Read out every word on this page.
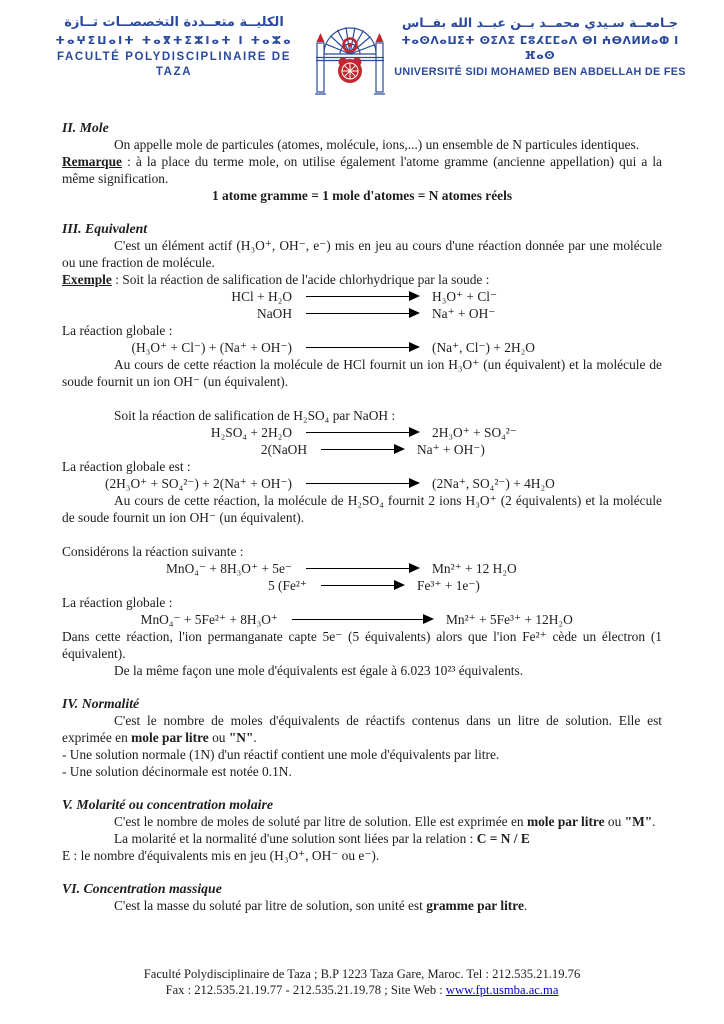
الكليــة متعــددة التخصصــات تــازة
ⵜⴰⵖⵉⵡⴰⵏⵜ ⵜⴰⴳⵜⵉⵣⵏⴰⵜ ⵏ ⵜⴰⵣⴰ
FACULTÉ POLYDISCIPLINAIRE DE TAZA
جـامعــة سـيدي محمــد بــن عبــد الله بفــاس
ⵜⴰⵙⴷⴰⵡⵉⵜ ⵙⵉⴷⵉ ⵎⵓⵃⵎⵎⴰⴷ ⴱⵏ ⵄⴱⴷⵍⵍⴰⵀ ⵏ ⴼⴰⵙ
UNIVERSITÉ SIDI MOHAMED BEN ABDELLAH DE FES
II. Mole

On appelle mole de particules (atomes, molécule, ions,...) un ensemble de N particules identiques.

Remarque : à la place du terme mole, on utilise également l'atome gramme (ancienne appellation) qui a la même signification.

1 atome gramme = 1 mole d'atomes = N atomes réels

III. Equivalent

C'est un élément actif (H₃O⁺, OH⁻, e⁻) mis en jeu au cours d'une réaction donnée par une molécule ou une fraction de molécule.

Exemple : Soit la réaction de salification de l'acide chlorhydrique par la soude :

HCl + H₂O	H₃O⁺ + Cl⁻
NaOH	Na⁺ + OH⁻

La réaction globale :

(H₃O⁺ + Cl⁻) + (Na⁺ + OH⁻)	(Na⁺, Cl⁻) + 2H₂O

Au cours de cette réaction la molécule de HCl fournit un ion H₃O⁺ (un équivalent) et la molécule de soude fournit un ion OH⁻ (un équivalent).

Soit la réaction de salification de H₂SO₄ par NaOH :

H₂SO₄ + 2H₂O	2H₃O⁺ + SO₄²⁻
2(NaOH	Na⁺ + OH⁻)

La réaction globale est :

(2H₃O⁺ + SO₄²⁻) + 2(Na⁺ + OH⁻)	(2Na⁺, SO₄²⁻) + 4H₂O

Au cours de cette réaction, la molécule de H₂SO₄ fournit 2 ions H₃O⁺ (2 équivalents) et la molécule de soude fournit un ion OH⁻ (un équivalent).

Considérons la réaction suivante :

MnO₄⁻ + 8H₃O⁺ + 5e⁻	Mn²⁺ + 12 H₂O
5 (Fe²⁺	Fe³⁺ + 1e⁻)

La réaction globale :

MnO₄⁻ + 5Fe²⁺ + 8H₃O⁺	Mn²⁺ + 5Fe³⁺ + 12H₂O

Dans cette réaction, l'ion permanganate capte 5e⁻ (5 équivalents) alors que l'ion Fe²⁺ cède un électron (1 équivalent).

De la même façon une mole d'équivalents est égale à 6.023 10²³ équivalents.

IV. Normalité

C'est le nombre de moles d'équivalents de réactifs contenus dans un litre de solution. Elle est exprimée en mole par litre ou "N".

- Une solution normale (1N) d'un réactif contient une mole d'équivalents par litre.

- Une solution décinormale est notée 0.1N.

V. Molarité ou concentration molaire

C'est le nombre de moles de soluté par litre de solution. Elle est exprimée en mole par litre ou "M".

La molarité et la normalité d'une solution sont liées par la relation : C = N / E

E : le nombre d'équivalents mis en jeu (H₃O⁺, OH⁻ ou e⁻).

VI. Concentration massique

C'est la masse du soluté par litre de solution, son unité est gramme par litre.

Faculté Polydisciplinaire de Taza ; B.P 1223 Taza Gare, Maroc. Tel : 212.535.21.19.76

Fax : 212.535.21.19.77 - 212.535.21.19.78 ; Site Web : www.fpt.usmba.ac.ma
